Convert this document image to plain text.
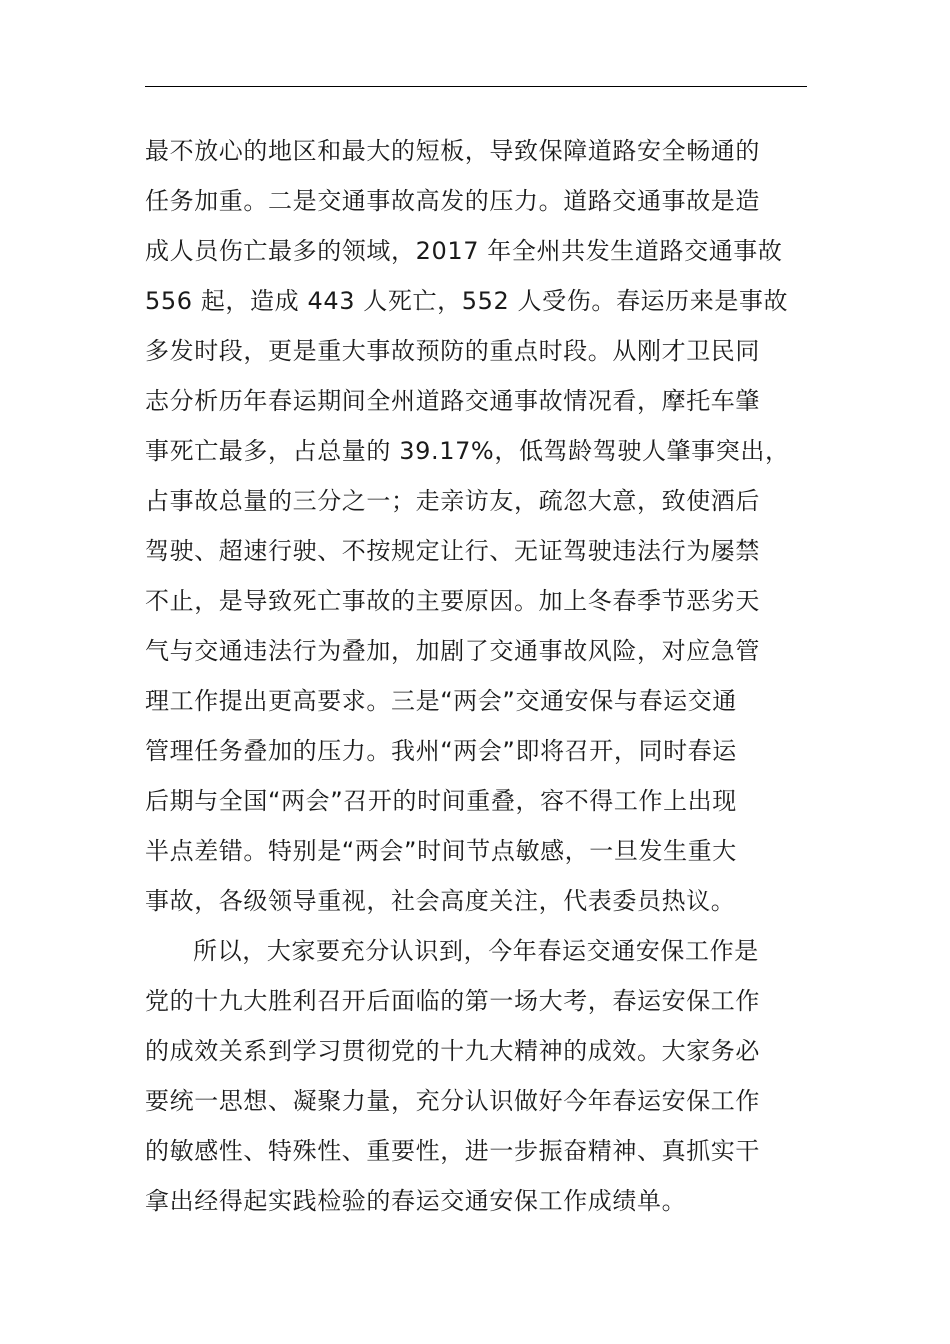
最不放心的地区和最大的短板，导致保障道路安全畅通的
任务加重。二是交通事故高发的压力。道路交通事故是造
成人员伤亡最多的领域，2017 年全州共发生道路交通事故
556 起，造成 443 人死亡，552 人受伤。春运历来是事故
多发时段，更是重大事故预防的重点时段。从刚才卫民同
志分析历年春运期间全州道路交通事故情况看，摩托车肇
事死亡最多，占总量的 39.17%，低驾龄驾驶人肇事突出，
占事故总量的三分之一；走亲访友，疏忽大意，致使酒后
驾驶、超速行驶、不按规定让行、无证驾驶违法行为屡禁
不止，是导致死亡事故的主要原因。加上冬春季节恶劣天
气与交通违法行为叠加，加剧了交通事故风险，对应急管
理工作提出更高要求。三是“两会”交通安保与春运交通
管理任务叠加的压力。我州“两会”即将召开，同时春运
后期与全国“两会”召开的时间重叠，容不得工作上出现
半点差错。特别是“两会”时间节点敏感，一旦发生重大
事故，各级领导重视，社会高度关注，代表委员热议。
所以，大家要充分认识到，今年春运交通安保工作是
党的十九大胜利召开后面临的第一场大考，春运安保工作
的成效关系到学习贯彻党的十九大精神的成效。大家务必
要统一思想、凝聚力量，充分认识做好今年春运安保工作
的敏感性、特殊性、重要性，进一步振奋精神、真抓实干
拿出经得起实践检验的春运交通安保工作成绩单。
